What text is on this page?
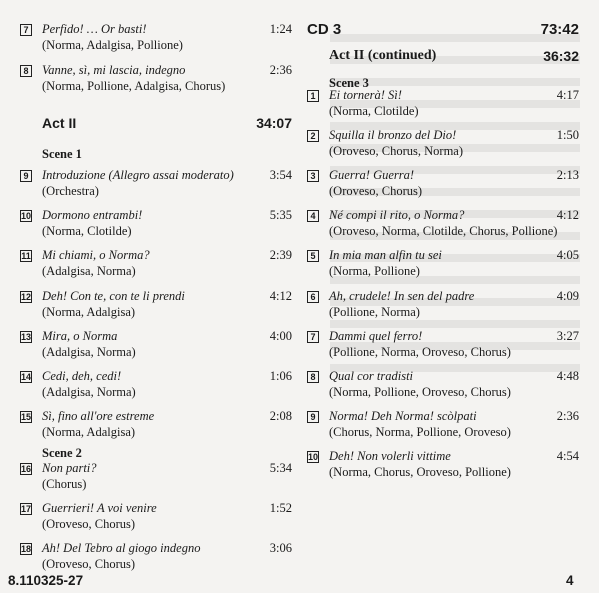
7 Perfido! … Or basti!	1:24
(Norma, Adalgisa, Pollione)
8 Vanne, sì, mi lascia, indegno	2:36
(Norma, Pollione, Adalgisa, Chorus)
Act II	34:07
Scene 1
9 Introduzione (Allegro assai moderato)	3:54
(Orchestra)
10 Dormono entrambi!	5:35
(Norma, Clotilde)
11 Mi chiami, o Norma?	2:39
(Adalgisa, Norma)
12 Deh! Con te, con te li prendi	4:12
(Norma, Adalgisa)
13 Mira, o Norma	4:00
(Adalgisa, Norma)
14 Cedi, deh, cedi!	1:06
(Adalgisa, Norma)
15 Sì, fino all'ore estreme	2:08
(Norma, Adalgisa)
Scene 2
16 Non parti?	5:34
(Chorus)
17 Guerrieri! A voi venire	1:52
(Oroveso, Chorus)
18 Ah! Del Tebro al giogo indegno	3:06
(Oroveso, Chorus)
CD 3	73:42
Act II (continued)	36:32
Scene 3
1 Ei tornerà! Sì!	4:17
(Norma, Clotilde)
2 Squilla il bronzo del Dio!	1:50
(Oroveso, Chorus, Norma)
3 Guerra! Guerra!	2:13
(Oroveso, Chorus)
4 Né compi il rito, o Norma?	4:12
(Oroveso, Norma, Clotilde, Chorus, Pollione)
5 In mia man alfin tu sei	4:05
(Norma, Pollione)
6 Ah, crudele! In sen del padre	4:09
(Pollione, Norma)
7 Dammi quel ferro!	3:27
(Pollione, Norma, Oroveso, Chorus)
8 Qual cor tradisti	4:48
(Norma, Pollione, Oroveso, Chorus)
9 Norma! Deh Norma! scòlpati	2:36
(Chorus, Norma, Pollione, Oroveso)
10 Deh! Non volerli vittime	4:54
(Norma, Chorus, Oroveso, Pollione)
8.110325-27	4
